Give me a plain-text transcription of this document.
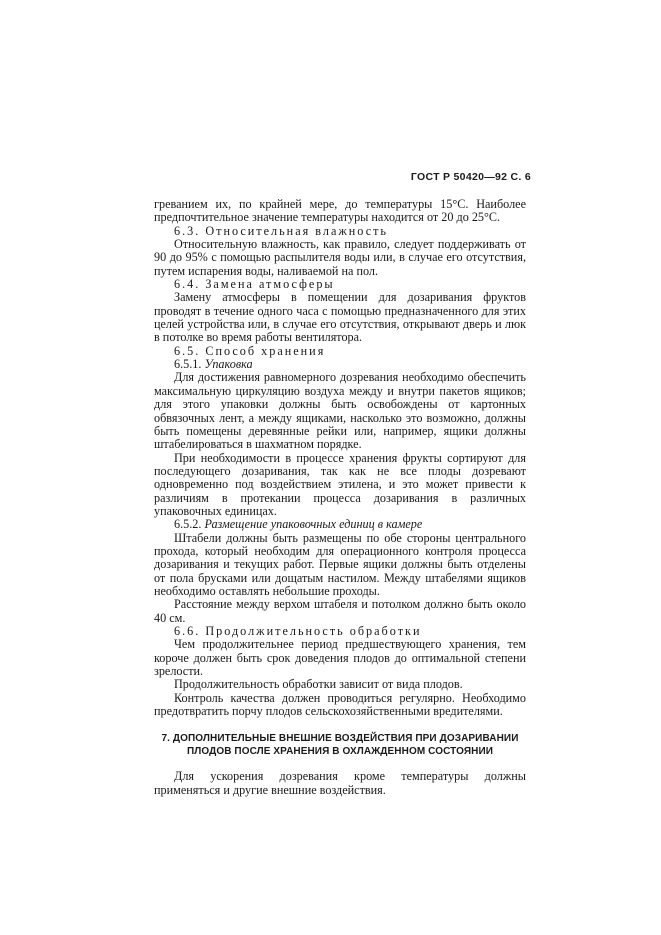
ГОСТ Р 50420—92 С. 6

греванием их, по крайней мере, до температуры 15°С. Наиболее предпочтительное значение температуры находится от 20 до 25°С.

6.3. Относительная влажность

Относительную влажность, как правило, следует поддерживать от 90 до 95% с помощью распылителя воды или, в случае его отсутствия, путем испарения воды, наливаемой на пол.

6.4. Замена атмосферы

Замену атмосферы в помещении для дозаривания фруктов проводят в течение одного часа с помощью предназначенного для этих целей устройства или, в случае его отсутствия, открывают дверь и люк в потолке во время работы вентилятора.

6.5. Способ хранения

6.5.1. Упаковка

Для достижения равномерного дозревания необходимо обеспечить максимальную циркуляцию воздуха между и внутри пакетов ящиков; для этого упаковки должны быть освобождены от картонных обвязочных лент, а между ящиками, насколько это возможно, должны быть помещены деревянные рейки или, например, ящики должны штабелироваться в шахматном порядке.

При необходимости в процессе хранения фрукты сортируют для последующего дозаривания, так как не все плоды дозревают одновременно под воздействием этилена, и это может привести к различиям в протекании процесса дозаривания в различных упаковочных единицах.

6.5.2. Размещение упаковочных единиц в камере

Штабели должны быть размещены по обе стороны центрального прохода, который необходим для операционного контроля процесса дозаривания и текущих работ. Первые ящики должны быть отделены от пола брусками или дощатым настилом. Между штабелями ящиков необходимо оставлять небольшие проходы.

Расстояние между верхом штабеля и потолком должно быть около 40 см.

6.6. Продолжительность обработки

Чем продолжительнее период предшествующего хранения, тем короче должен быть срок доведения плодов до оптимальной степени зрелости.

Продолжительность обработки зависит от вида плодов.

Контроль качества должен проводиться регулярно. Необходимо предотвратить порчу плодов сельскохозяйственными вредителями.

7. ДОПОЛНИТЕЛЬНЫЕ ВНЕШНИЕ ВОЗДЕЙСТВИЯ ПРИ ДОЗАРИВАНИИ
ПЛОДОВ ПОСЛЕ ХРАНЕНИЯ В ОХЛАЖДЕННОМ СОСТОЯНИИ

Для ускорения дозревания кроме температуры должны применяться и другие внешние воздействия.
